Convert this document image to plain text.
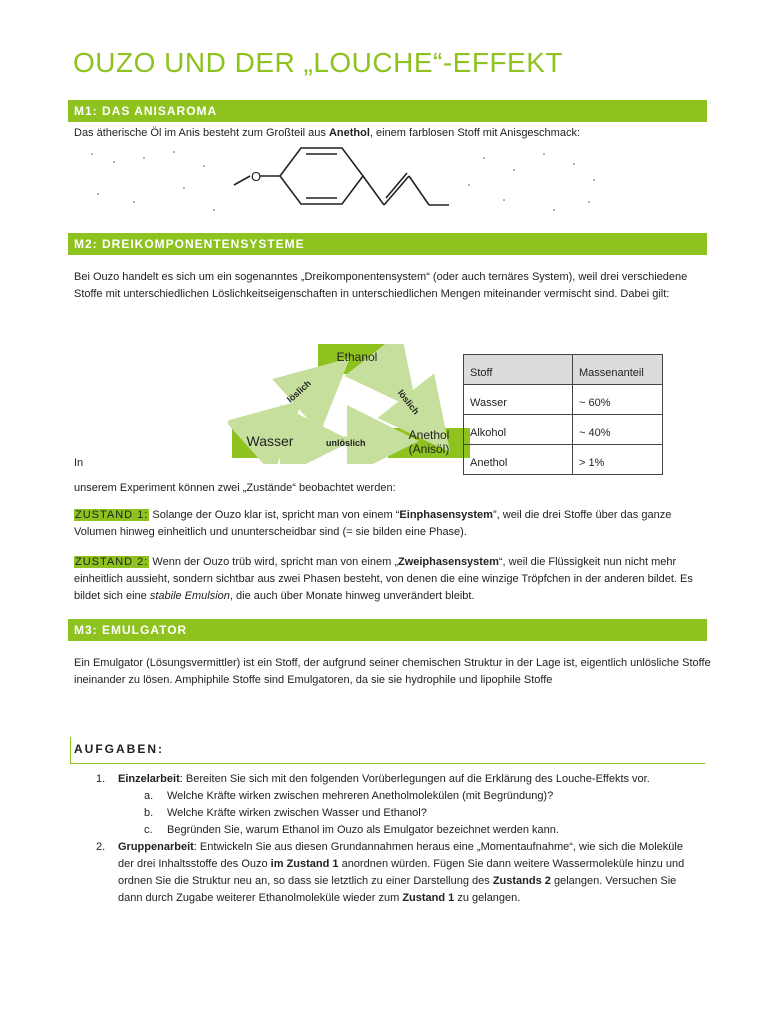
OUZO UND DER „LOUCHE“-EFFEKT
M1: DAS ANISAROMA
Das ätherische Öl im Anis besteht zum Großteil aus Anethol, einem farblosen Stoff mit Anisgeschmack:
O
M2: DREIKOMPONENTENSYSTEME
Bei Ouzo handelt es sich um ein sogenanntes „Dreikomponentensystem“ (oder auch ternäres System), weil drei verschiedene Stoffe mit unterschiedlichen Löslichkeitseigenschaften in unterschiedlichen Mengen miteinander vermischt sind. Dabei gilt:
Ethanol
Wasser	Anethol
(Anisöl)
löslich	löslich
unlöslich
Stoff	Massenanteil
Wasser	~ 60%
Alkohol	~ 40%
Anethol	> 1%
In
unserem Experiment können zwei „Zustände“ beobachtet werden:
ZUSTAND 1: Solange der Ouzo klar ist, spricht man von einem “Einphasensystem”, weil die drei Stoffe über das ganze Volumen hinweg einheitlich und ununterscheidbar sind (= sie bilden eine Phase).
ZUSTAND 2: Wenn der Ouzo trüb wird, spricht man von einem „Zweiphasensystem“, weil die Flüssigkeit nun nicht mehr einheitlich aussieht, sondern sichtbar aus zwei Phasen besteht, von denen die eine winzige Tröpfchen in der anderen bildet. Es bildet sich eine stabile Emulsion, die auch über Monate hinweg unverändert bleibt.
M3: EMULGATOR
Ein Emulgator (Lösungsvermittler) ist ein Stoff, der aufgrund seiner chemischen Struktur in der Lage ist, eigentlich unlösliche Stoffe ineinander zu lösen. Amphiphile Stoffe sind Emulgatoren, da sie sie hydrophile und lipophile Stoffe
AUFGABEN:
1. Einzelarbeit: Bereiten Sie sich mit den folgenden Vorüberlegungen auf die Erklärung des Louche-Effekts vor.
a. Welche Kräfte wirken zwischen mehreren Anetholmolekülen (mit Begründung)?
b. Welche Kräfte wirken zwischen Wasser und Ethanol?
c. Begründen Sie, warum Ethanol im Ouzo als Emulgator bezeichnet werden kann.
2. Gruppenarbeit: Entwickeln Sie aus diesen Grundannahmen heraus eine „Momentaufnahme“, wie sich die Moleküle der drei Inhaltsstoffe des Ouzo im Zustand 1 anordnen würden. Fügen Sie dann weitere Wassermoleküle hinzu und ordnen Sie die Struktur neu an, so dass sie letztlich zu einer Darstellung des Zustands 2 gelangen. Versuchen Sie dann durch Zugabe weiterer Ethanolmoleküle wieder zum Zustand 1 zu gelangen.
